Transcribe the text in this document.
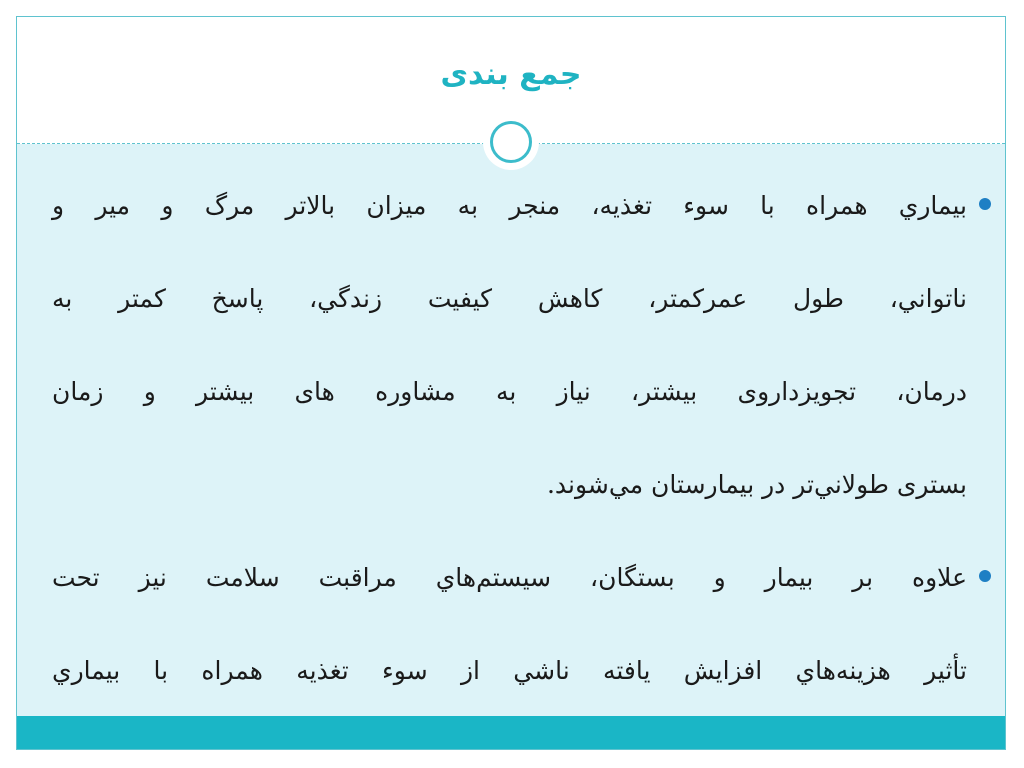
جمع بندی
بيماري همراه با سوء تغذيه، منجر به ميزان بالاتر مرگ و مير و
ناتواني، طول عمرکمتر، کاهش کيفيت زندگي، پاسخ کمتر به
درمان، تجويزداروی بيشتر، نياز به مشاوره های بيشتر و زمان
بستری طولاني‌تر در بيمارستان مي‌شوند.
علاوه بر بيمار و بستگان، سيستم‌هاي مراقبت سلامت نيز تحت
تأثير هزينه‌هاي افزايش يافته ناشي از سوء تغذيه همراه با بيماري
